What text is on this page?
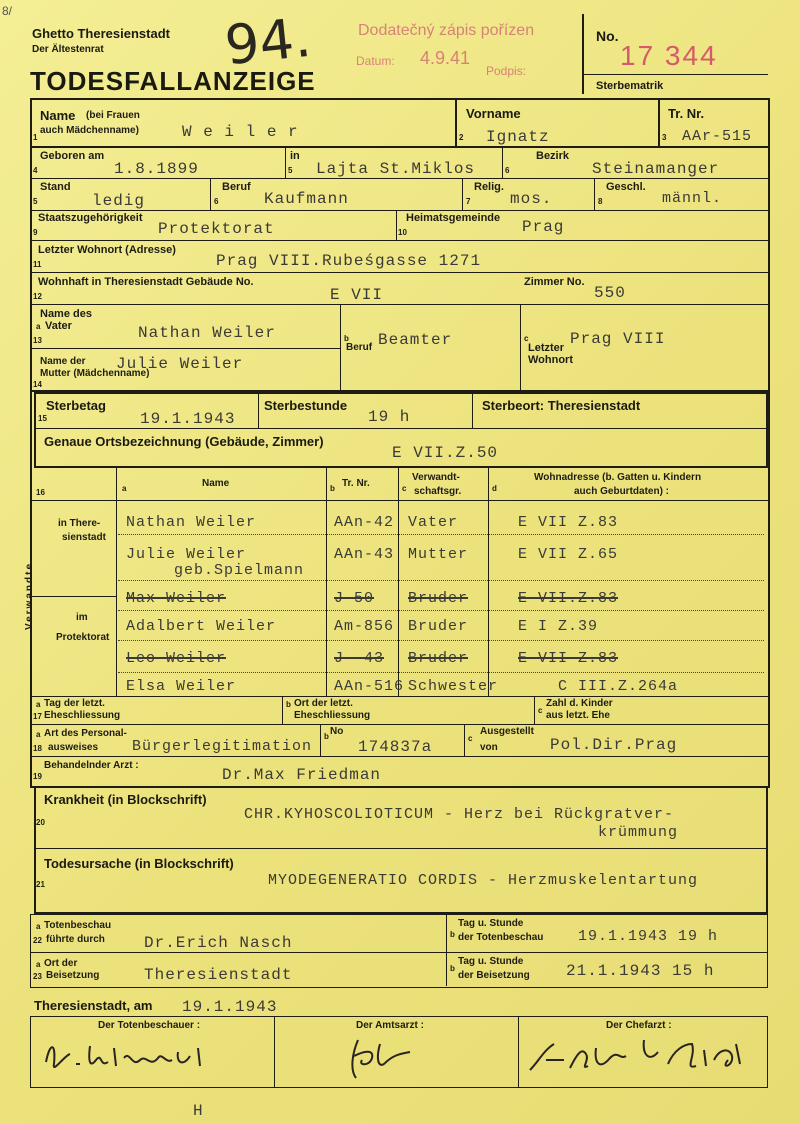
8/
Ghetto Theresienstadt
Der Ältestenrat
TODESFALLANZEIGE
94.	Dodatečný zápis pořízen
Datum: 4.9.41
Podpis:
No.
17 344
Sterbematrik
Name (bei Frauen
auch Mädchenname)
1	W e i l e r
Vorname
2 Ignatz
Tr. Nr.
3 AAr-515
Geboren am
4	1.8.1899
in
5 Lajta St.Miklos
Bezirk
6	Steinamanger
Stand
5	ledig
Beruf
6	Kaufmann
Relig.
7 mos.
Geschl.
8	männl.
Staatszugehörigkeit
9	Protektorat
Heimatsgemeinde
10	Prag
Letzter Wohnort (Adresse)
11	Prag VIII.Rubeśgasse 1271
Wohnhaft in Theresienstadt Gebäude No.
12	E VII
Zimmer No.
550
Name des
a Vater
13	Nathan Weiler
Name der
Mutter (Mädchenname)
14
Julie Weiler
b
Beruf Beamter	c
Letzter
Wohnort
Prag VIII
15
Sterbetag
19.1.1943
Sterbestunde
19 h
Sterbeort: Theresienstadt
Genaue Ortsbezeichnung (Gebäude, Zimmer)
E VII.Z.50
16	a	Name	b Tr. Nr.	c
Verwandt-
schaftsgr.	d
Wohnadresse (b. Gatten u. Kindern
auch Geburtdaten) :
Verwandte
in There-
sienstadt
im
Protektorat
Nathan Weiler	AAn-42 Vater	E VII Z.83
Julie Weiler
geb.Spielmann
AAn-43 Mutter	E VII Z.65
Max Weiler	J-50 Bruder	E VII.Z.83
Adalbert Weiler	Am-856 Bruder	E I Z.39
Leo Weiler	J -43 Bruder	E VII Z.83
Elsa Weiler	AAn-516 Schwester	C III.Z.264a
a Tag der letzt.
17 Eheschliessung
b Ort der letzt.
Eheschliessung	c
Zahl d. Kinder
aus letzt. Ehe
a Art des Personal-
18 ausweises Bürgerlegitimation
b No
174837a	c
Ausgestellt
von	Pol.Dir.Prag
Behandelnder Arzt :
19	Dr.Max Friedman
Krankheit (in Blockschrift)
20	CHR.KYHOSCOLIOTICUM - Herz bei Rückgratver-
krümmung
Todesursache (in Blockschrift)
21	MYODEGENERATIO CORDIS - Herzmuskelentartung
a Totenbeschau
22 führte durch Dr.Erich Nasch	b
Tag u. Stunde
der Totenbeschau 19.1.1943 19 h
a Ort der
23 Beisetzung	Theresienstadt	b
Tag u. Stunde
der Beisetzung 21.1.1943 15 h
Theresienstadt, am 19.1.1943
Der Totenbeschauer :	Der Amtsarzt :	Der Chefarzt :
H
